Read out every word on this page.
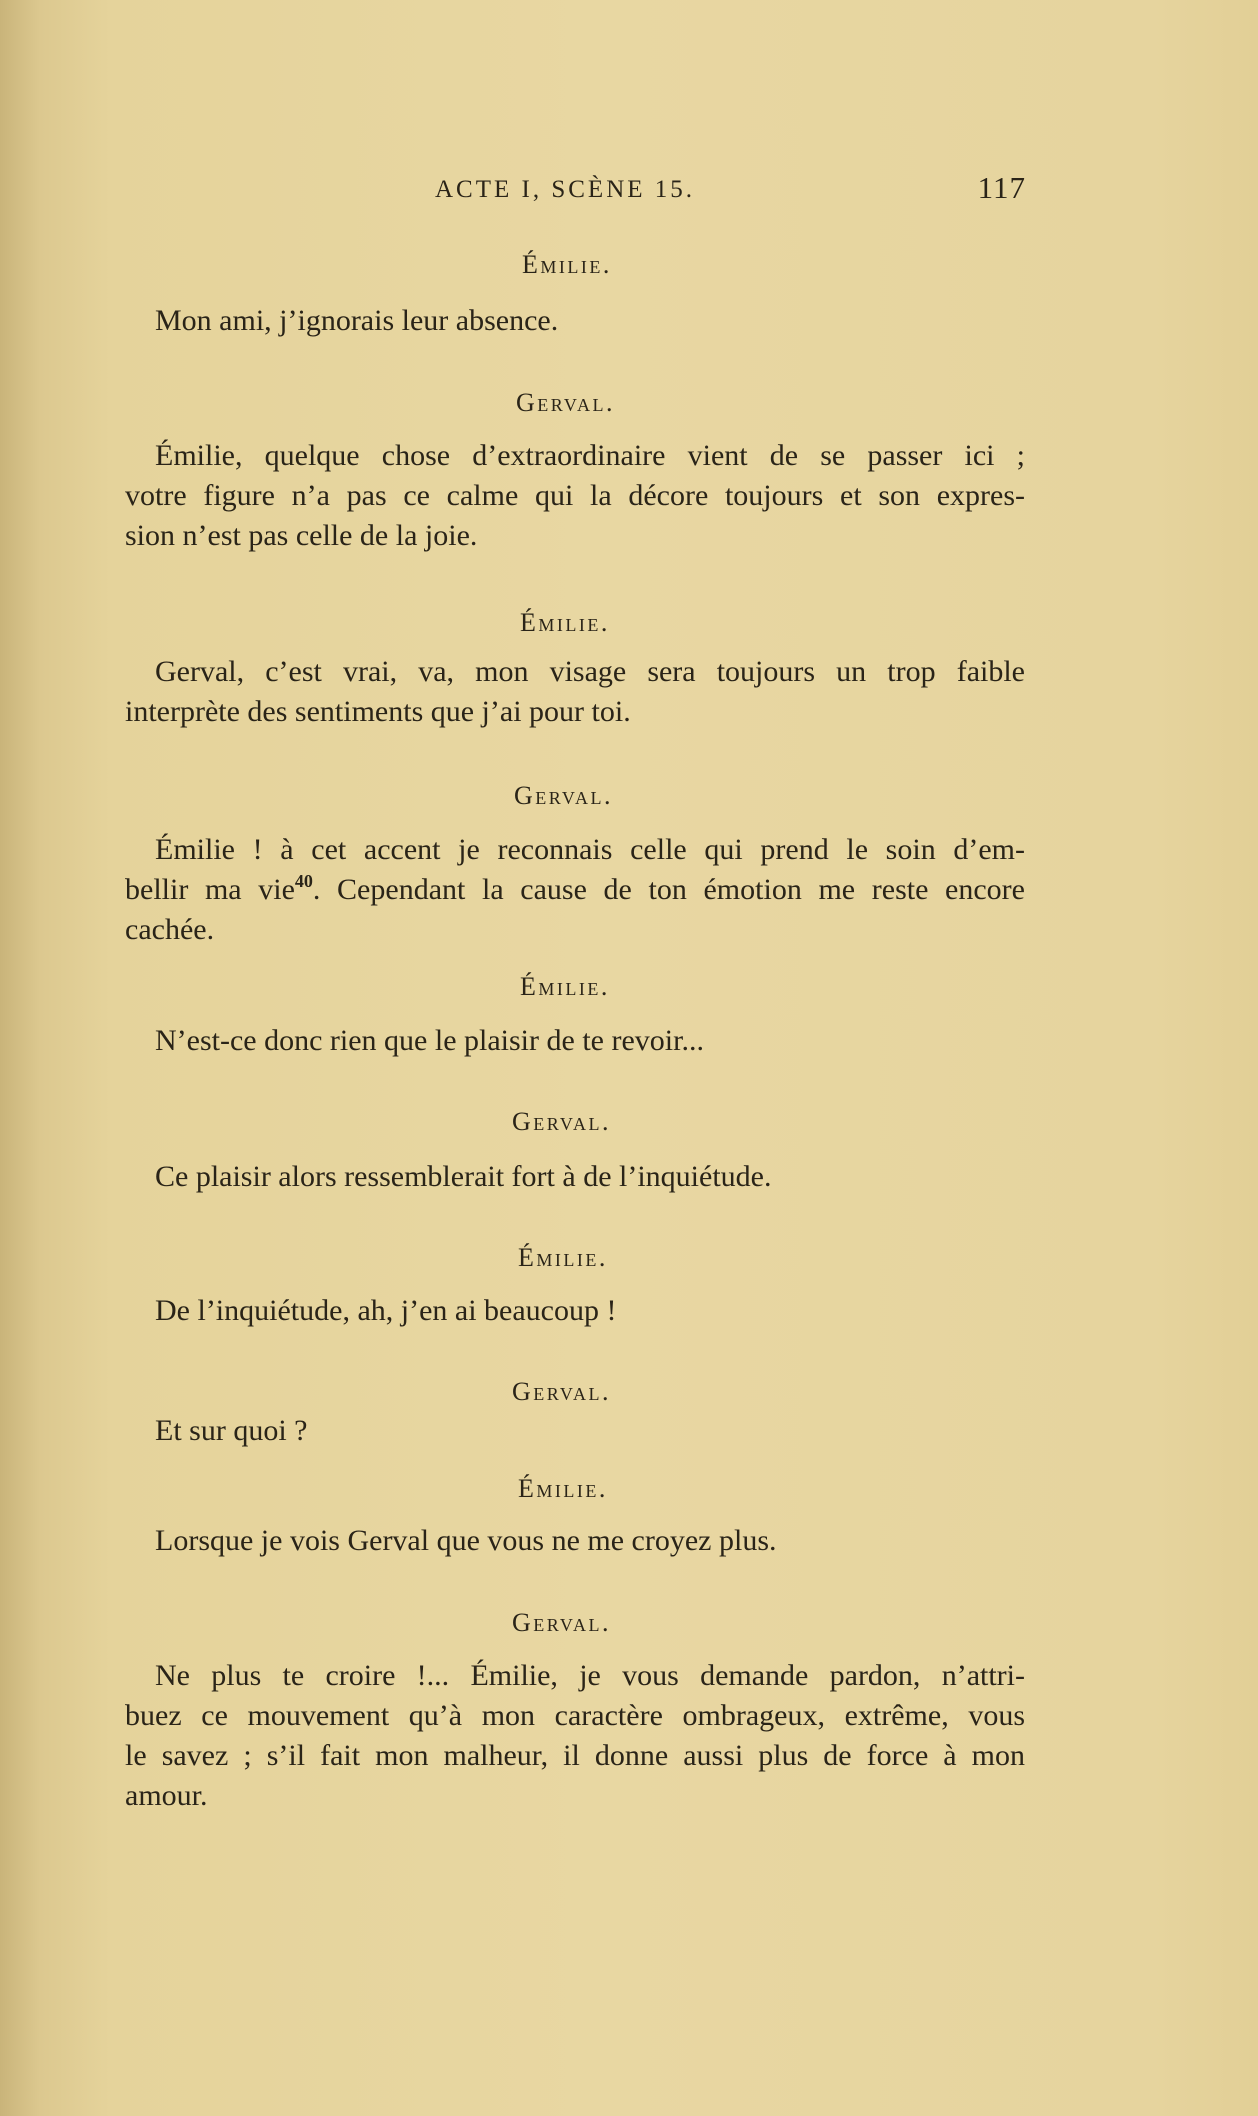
ACTE I, SCÈNE 15.	117
Émilie.
Mon ami, j’ignorais leur absence.
Gerval.
Émilie, quelque chose d’extraordinaire vient de se passer ici ;
votre figure n’a pas ce calme qui la décore toujours et son expres-
sion n’est pas celle de la joie.
Émilie.
Gerval, c’est vrai, va, mon visage sera toujours un trop faible
interprète des sentiments que j’ai pour toi.
Gerval.
Émilie ! à cet accent je reconnais celle qui prend le soin d’em-
bellir ma vie$^{40}$. Cependant la cause de ton émotion me reste encore
cachée.
Émilie.
N’est-ce donc rien que le plaisir de te revoir...
Gerval.
Ce plaisir alors ressemblerait fort à de l’inquiétude.
Émilie.
De l’inquiétude, ah, j’en ai beaucoup !
Gerval.
Et sur quoi ?
Émilie.
Lorsque je vois Gerval que vous ne me croyez plus.
Gerval.
Ne plus te croire !... Émilie, je vous demande pardon, n’attri-
buez ce mouvement qu’à mon caractère ombrageux, extrême, vous
le savez ; s’il fait mon malheur, il donne aussi plus de force à mon
amour.
